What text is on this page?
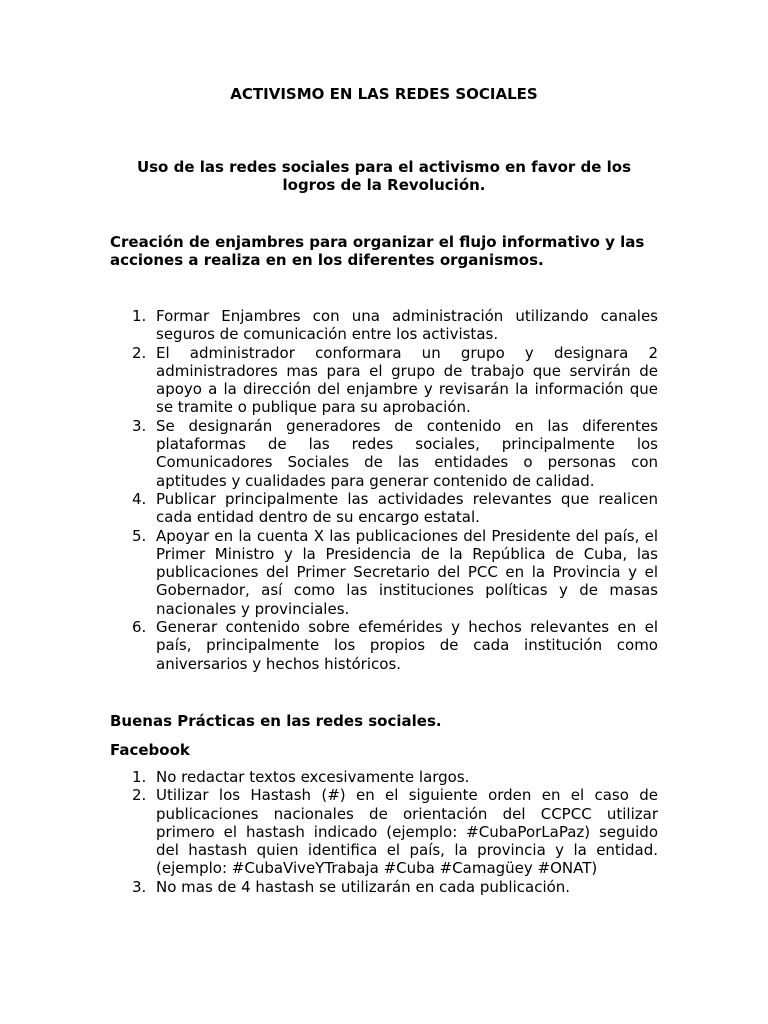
ACTIVISMO EN LAS REDES SOCIALES

Uso de las redes sociales para el activismo en favor de los logros de la Revolución.

Creación de enjambres para organizar el flujo informativo y las acciones a realiza en en los diferentes organismos.

1. Formar Enjambres con una administración utilizando canales seguros de comunicación entre los activistas.
2. El administrador conformara un grupo y designara 2 administradores mas para el grupo de trabajo que servirán de apoyo a la dirección del enjambre y revisarán la información que se tramite o publique para su aprobación.
3. Se designarán generadores de contenido en las diferentes plataformas de las redes sociales, principalmente los Comunicadores Sociales de las entidades o personas con aptitudes y cualidades para generar contenido de calidad.
4. Publicar principalmente las actividades relevantes que realicen cada entidad dentro de su encargo estatal.
5. Apoyar en la cuenta X las publicaciones del Presidente del país, el Primer Ministro y la Presidencia de la República de Cuba, las publicaciones del Primer Secretario del PCC en la Provincia y el Gobernador, así como las instituciones políticas y de masas nacionales y provinciales.
6. Generar contenido sobre efemérides y hechos relevantes en el país, principalmente los propios de cada institución como aniversarios y hechos históricos.

Buenas Prácticas en las redes sociales.

Facebook

1. No redactar textos excesivamente largos.
2. Utilizar los Hastash (#) en el siguiente orden en el caso de publicaciones nacionales de orientación del CCPCC utilizar primero el hastash indicado (ejemplo: #CubaPorLaPaz) seguido del hastash quien identifica el país, la provincia y la entidad. (ejemplo: #CubaViveYTrabaja #Cuba #Camagüey #ONAT)
3. No mas de 4 hastash se utilizarán en cada publicación.
